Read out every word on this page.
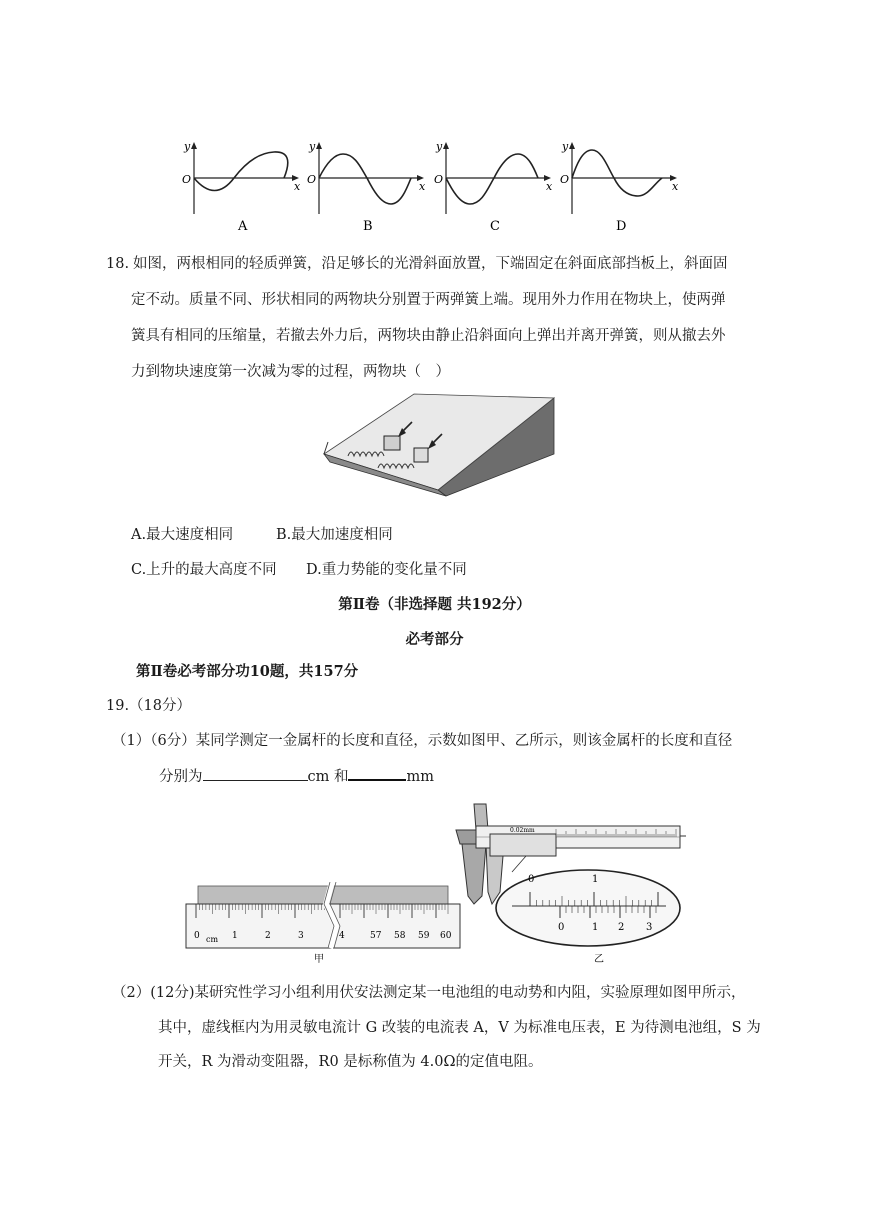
y
O
x
A
y
O
x
B
y
O
x
C
y
O
x
D
18. 如图，两根相同的轻质弹簧，沿足够长的光滑斜面放置，下端固定在斜面底部挡板上，斜面固
定不动。质量不同、形状相同的两物块分别置于两弹簧上端。现用外力作用在物块上，使两弹
簧具有相同的压缩量，若撤去外力后，两物块由静止沿斜面向上弹出并离开弹簧，则从撤去外
力到物块速度第一次减为零的过程，两物块（　）
A.最大速度相同	B.最大加速度相同
C.上升的最大高度不同 D.重力势能的变化量不同
第Ⅱ卷（非选择题 共192分）
必考部分
第Ⅱ卷必考部分功10题，共157分
19.（18分）
（1）（6分）某同学测定一金属杆的长度和直径，示数如图甲、乙所示，则该金属杆的长度和直径
分别为	cm 和	mm
0 cm 1	2	3	4	57 58 59 60
甲
0.02mm
0	1
0	1 2 3
乙
（2）(12分)某研究性学习小组利用伏安法测定某一电池组的电动势和内阻，实验原理如图甲所示，
其中，虚线框内为用灵敏电流计 G 改装的电流表 A，V 为标准电压表，E 为待测电池组，S 为
开关，R 为滑动变阻器，R0 是标称值为 4.0Ω的定值电阻。
